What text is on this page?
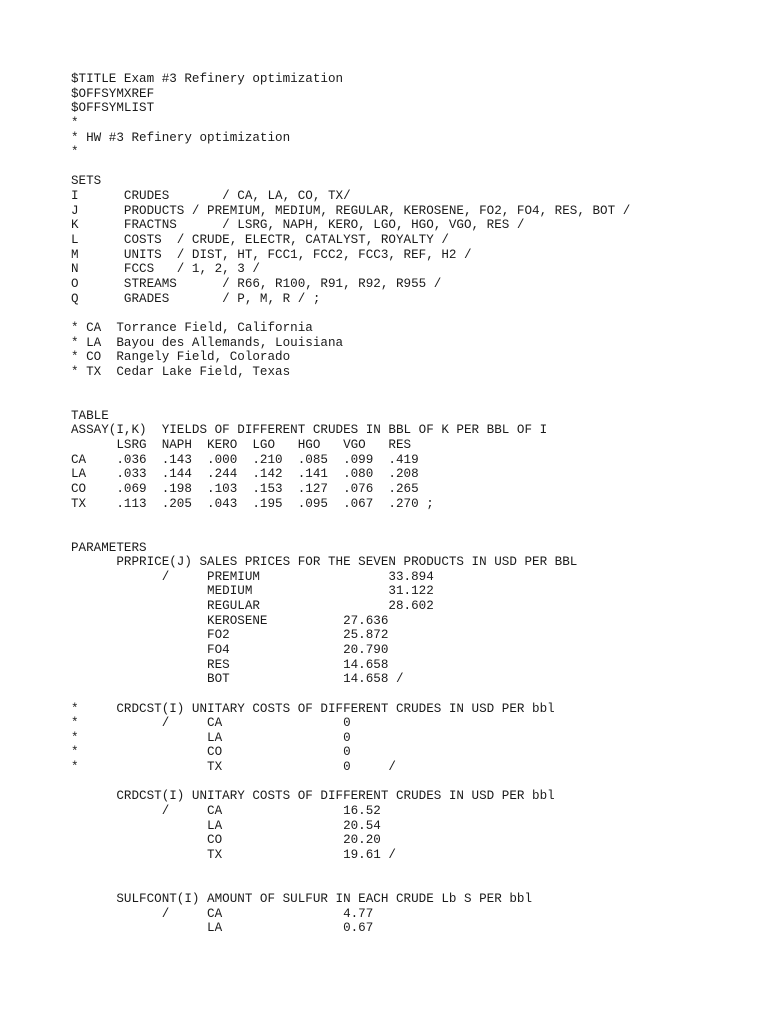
$TITLE Exam #3 Refinery optimization
$OFFSYMXREF
$OFFSYMLIST
*
* HW #3 Refinery optimization
*
SETS
I      CRUDES       / CA, LA, CO, TX/
J      PRODUCTS / PREMIUM, MEDIUM, REGULAR, KEROSENE, FO2, FO4, RES, BOT /
K      FRACTNS      / LSRG, NAPH, KERO, LGO, HGO, VGO, RES /
L      COSTS  / CRUDE, ELECTR, CATALYST, ROYALTY /
M      UNITS  / DIST, HT, FCC1, FCC2, FCC3, REF, H2 /
N      FCCS   / 1, 2, 3 /
O      STREAMS      / R66, R100, R91, R92, R955 /
Q      GRADES       / P, M, R / ;
* CA  Torrance Field, California
* LA  Bayou des Allemands, Louisiana
* CO  Rangely Field, Colorado
* TX  Cedar Lake Field, Texas
TABLE
ASSAY(I,K)  YIELDS OF DIFFERENT CRUDES IN BBL OF K PER BBL OF I
LSRG  NAPH  KERO  LGO   HGO   VGO   RES
CA    .036  .143  .000  .210  .085  .099  .419
LA    .033  .144  .244  .142  .141  .080  .208
CO    .069  .198  .103  .153  .127  .076  .265
TX    .113  .205  .043  .195  .095  .067  .270 ;
PARAMETERS
PRPRICE(J) SALES PRICES FOR THE SEVEN PRODUCTS IN USD PER BBL
/     PREMIUM                 33.894
MEDIUM                  31.122
REGULAR                 28.602
KEROSENE          27.636
FO2               25.872
FO4               20.790
RES               14.658
BOT               14.658 /
*     CRDCST(I) UNITARY COSTS OF DIFFERENT CRUDES IN USD PER bbl
*           /     CA                0
*                 LA                0
*                 CO                0
*                 TX                0     /
CRDCST(I) UNITARY COSTS OF DIFFERENT CRUDES IN USD PER bbl
/     CA                16.52
LA                20.54
CO                20.20
TX                19.61 /
SULFCONT(I) AMOUNT OF SULFUR IN EACH CRUDE Lb S PER bbl
/     CA                4.77
LA                0.67
